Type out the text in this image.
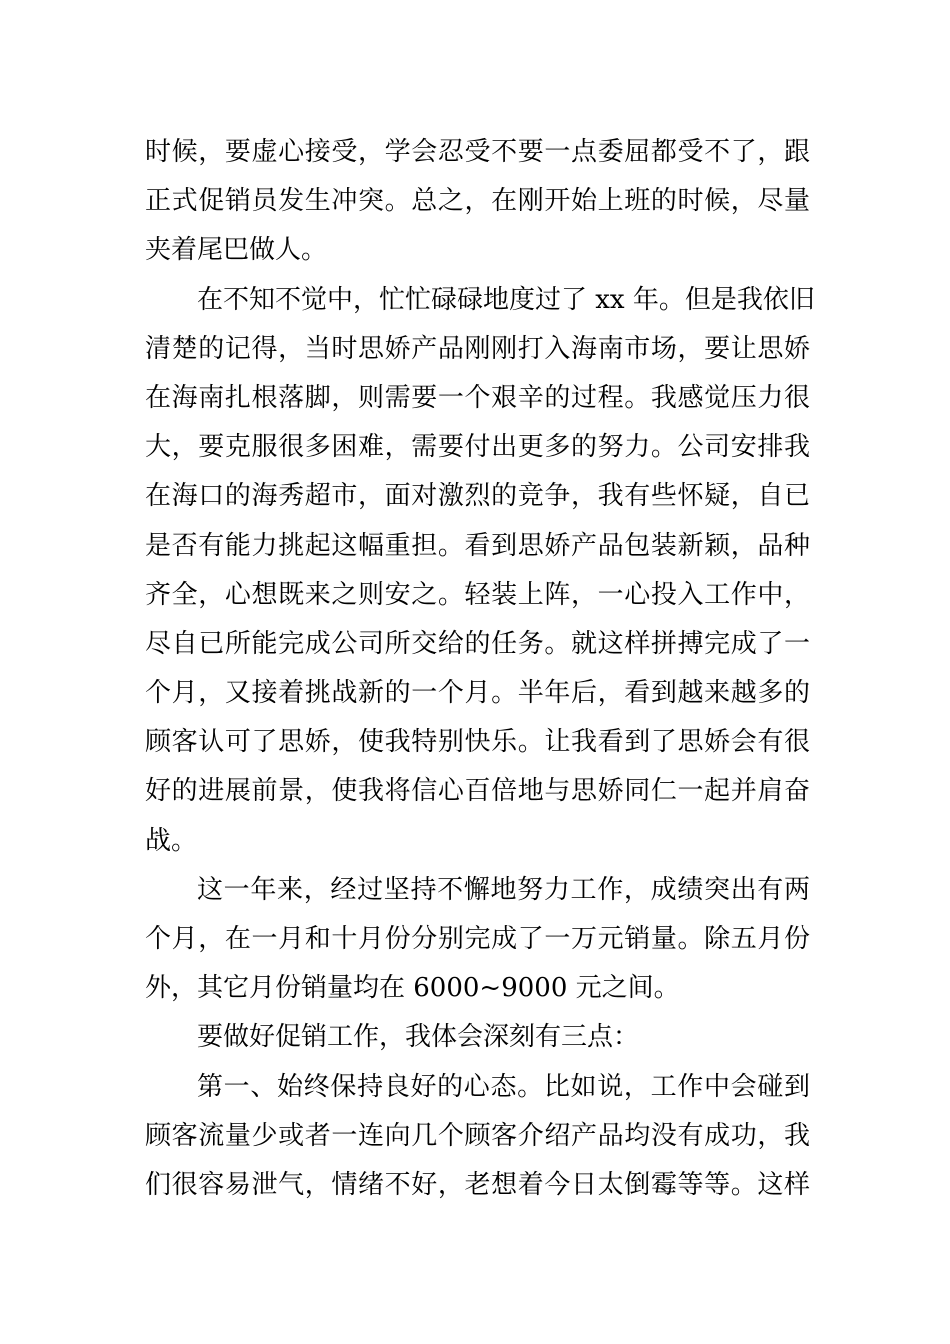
时候，要虚心接受，学会忍受不要一点委屈都受不了，跟
正式促销员发生冲突。总之，在刚开始上班的时候，尽量
夹着尾巴做人。
在不知不觉中，忙忙碌碌地度过了 xx 年。但是我依旧
清楚的记得，当时思娇产品刚刚打入海南市场，要让思娇
在海南扎根落脚，则需要一个艰辛的过程。我感觉压力很
大，要克服很多困难，需要付出更多的努力。公司安排我
在海口的海秀超市，面对激烈的竞争，我有些怀疑，自已
是否有能力挑起这幅重担。看到思娇产品包装新颖，品种
齐全，心想既来之则安之。轻装上阵，一心投入工作中，
尽自已所能完成公司所交给的任务。就这样拼搏完成了一
个月，又接着挑战新的一个月。半年后，看到越来越多的
顾客认可了思娇，使我特别快乐。让我看到了思娇会有很
好的进展前景，使我将信心百倍地与思娇同仁一起并肩奋
战。
这一年来，经过坚持不懈地努力工作，成绩突出有两
个月，在一月和十月份分别完成了一万元销量。除五月份
外，其它月份销量均在 6000~9000 元之间。
要做好促销工作，我体会深刻有三点：
第一、始终保持良好的心态。比如说，工作中会碰到
顾客流量少或者一连向几个顾客介绍产品均没有成功，我
们很容易泄气，情绪不好，老想着今日太倒霉等等。这样
